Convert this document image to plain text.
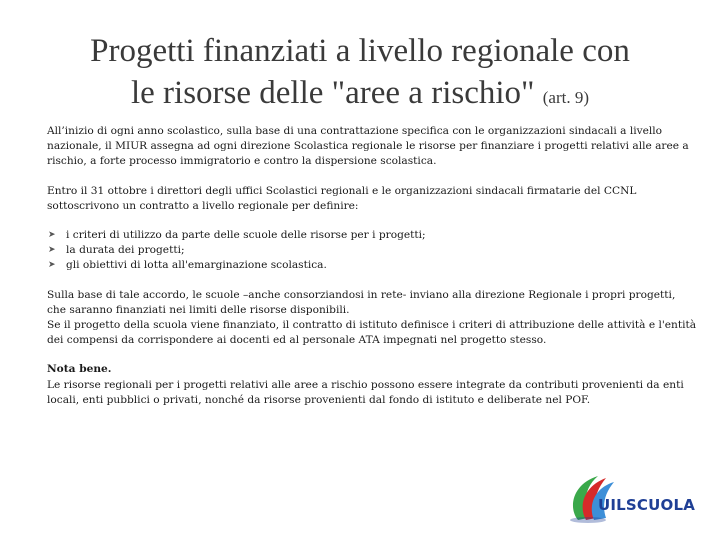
Progetti finanziati a livello regionale con
le risorse delle "aree a rischio" (art. 9)

All’inizio di ogni anno scolastico, sulla base di una contrattazione specifica con le organizzazioni sindacali a livello nazionale, il MIUR assegna ad ogni direzione Scolastica regionale le risorse per finanziare i progetti relativi alle aree a rischio, a forte processo immigratorio e contro la dispersione scolastica.

Entro il 31 ottobre i direttori degli uffici Scolastici regionali e le organizzazioni sindacali firmatarie del CCNL sottoscrivono un contratto a livello regionale per definire:

➤ i criteri di utilizzo da parte delle scuole delle risorse per i progetti;
➤ la durata dei progetti;
➤ gli obiettivi di lotta all'emarginazione scolastica.

Sulla base di tale accordo, le scuole –anche consorziandosi in rete- inviano alla direzione Regionale i propri progetti, che saranno finanziati nei limiti delle risorse disponibili.

Se il progetto della scuola viene finanziato, il contratto di istituto definisce i criteri di attribuzione delle attività e l'entità dei compensi da corrispondere ai docenti ed al personale ATA impegnati nel progetto stesso.

Nota bene.

Le risorse regionali per i progetti relativi alle aree a rischio possono essere integrate da contributi provenienti da enti locali, enti pubblici o privati, nonché da risorse provenienti dal fondo di istituto e deliberate nel POF.

UILSCUOLA
